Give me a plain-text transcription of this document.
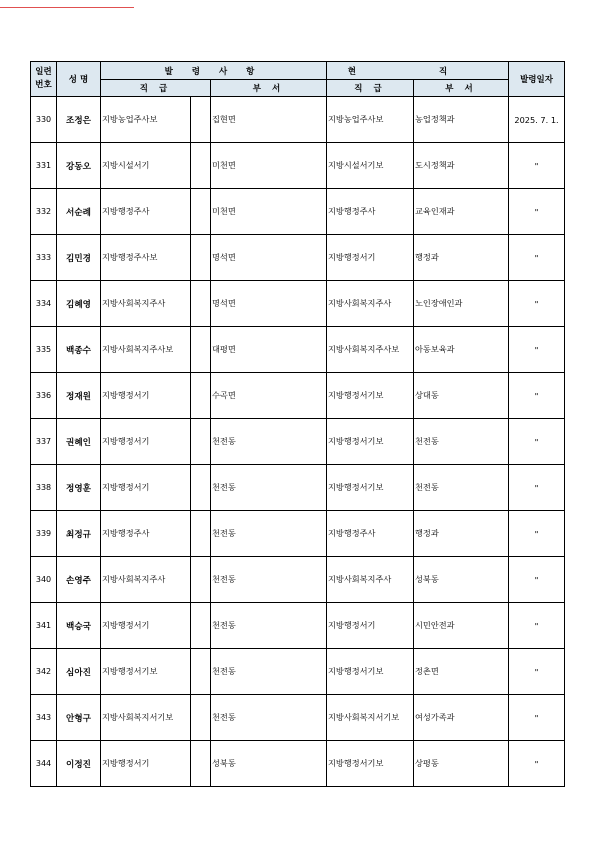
일련
번호	성 명	발 령 사 항			현 직		발령일자
		직 급		부 서	직 급	부 서	
330	조정은	지방농업주사보		집현면	지방농업주사보	농업정책과	2025. 7. 1.
331	강동오	지방시설서기		미천면	지방시설서기보	도시정책과	"
332	서순례	지방행정주사		미천면	지방행정주사	교육인재과	"
333	김민경	지방행정주사보		명석면	지방행정서기	행정과	"
334	김혜영	지방사회복지주사		명석면	지방사회복지주사	노인장애인과	"
335	백종수	지방사회복지주사보		대평면	지방사회복지주사보	아동보육과	"
336	정재원	지방행정서기		수곡면	지방행정서기보	상대동	"
337	권혜인	지방행정서기		천전동	지방행정서기보	천전동	"
338	정영훈	지방행정서기		천전동	지방행정서기보	천전동	"
339	최정규	지방행정주사		천전동	지방행정주사	행정과	"
340	손영주	지방사회복지주사		천전동	지방사회복지주사	성북동	"
341	백승국	지방행정서기		천전동	지방행정서기	시민안전과	"
342	심아진	지방행정서기보		천전동	지방행정서기보	정촌면	"
343	안형구	지방사회복지서기보		천전동	지방사회복지서기보	여성가족과	"
344	이정진	지방행정서기		성북동	지방행정서기보	상평동	"
